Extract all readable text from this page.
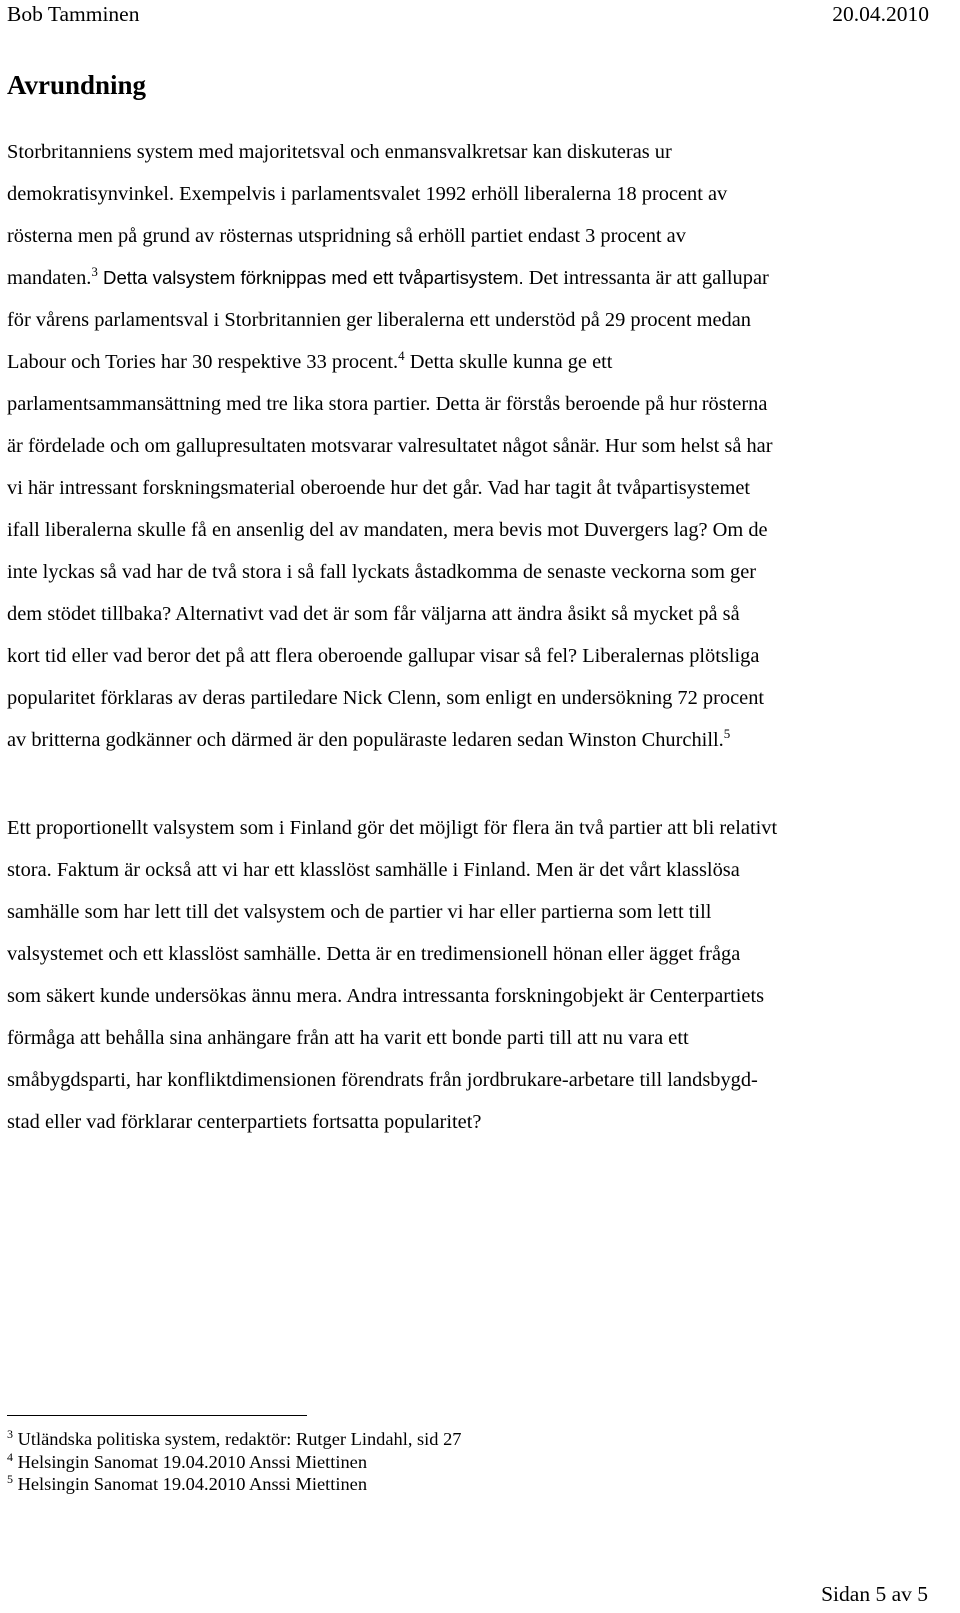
Bob Tamminen	20.04.2010
Avrundning
Storbritanniens system med majoritetsval och enmansvalkretsar kan diskuteras ur
demokratisynvinkel. Exempelvis i parlamentsvalet 1992 erhöll liberalerna 18 procent av
rösterna men på grund av rösternas utspridning så erhöll partiet endast 3 procent av
mandaten.$^3$ Detta valsystem förknippas med ett tvåpartisystem. Det intressanta är att gallupar
för vårens parlamentsval i Storbritannien ger liberalerna ett understöd på 29 procent medan
Labour och Tories har 30 respektive 33 procent.$^4$ Detta skulle kunna ge ett
parlamentsammansättning med tre lika stora partier. Detta är förstås beroende på hur rösterna
är fördelade och om gallupresultaten motsvarar valresultatet något sånär. Hur som helst så har
vi här intressant forskningsmaterial oberoende hur det går. Vad har tagit åt tvåpartisystemet
ifall liberalerna skulle få en ansenlig del av mandaten, mera bevis mot Duvergers lag? Om de
inte lyckas så vad har de två stora i så fall lyckats åstadkomma de senaste veckorna som ger
dem stödet tillbaka? Alternativt vad det är som får väljarna att ändra åsikt så mycket på så
kort tid eller vad beror det på att flera oberoende gallupar visar så fel? Liberalernas plötsliga
popularitet förklaras av deras partiledare Nick Clenn, som enligt en undersökning 72 procent
av britterna godkänner och därmed är den populäraste ledaren sedan Winston Churchill.$^5$
Ett proportionellt valsystem som i Finland gör det möjligt för flera än två partier att bli relativt
stora. Faktum är också att vi har ett klasslöst samhälle i Finland. Men är det vårt klasslösa
samhälle som har lett till det valsystem och de partier vi har eller partierna som lett till
valsystemet och ett klasslöst samhälle. Detta är en tredimensionell hönan eller ägget fråga
som säkert kunde undersökas ännu mera. Andra intressanta forskningobjekt är Centerpartiets
förmåga att behålla sina anhängare från att ha varit ett bonde parti till att nu vara ett
småbygdsparti, har konfliktdimensionen förendrats från jordbrukare-arbetare till landsbygd-
stad eller vad förklarar centerpartiets fortsatta popularitet?
$^3$ Utländska politiska system, redaktör: Rutger Lindahl, sid 27
$^4$ Helsingin Sanomat 19.04.2010 Anssi Miettinen
$^5$ Helsingin Sanomat 19.04.2010 Anssi Miettinen
Sidan 5 av 5
